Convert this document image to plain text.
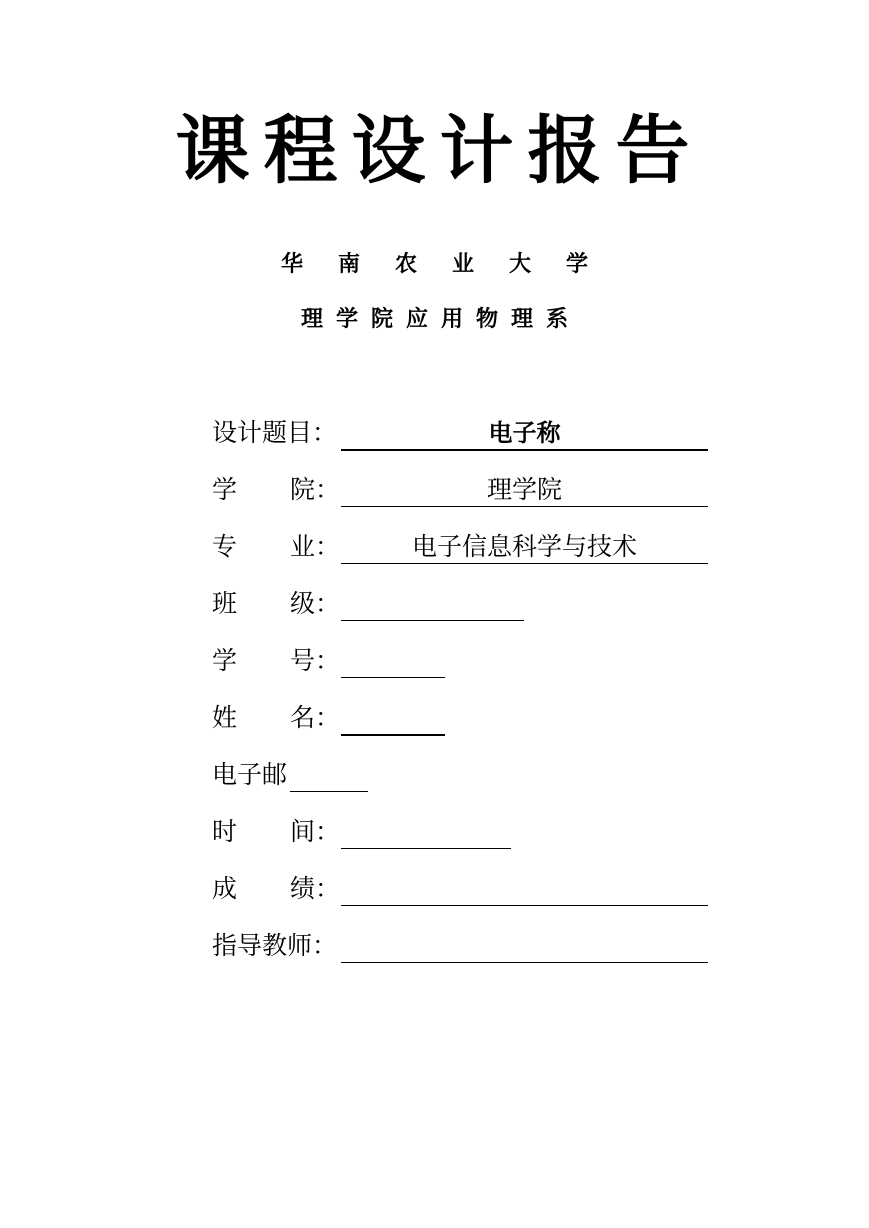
课程设计报告
华南农业大学
理学院应用物理系
设计题目：	电子称
学 院：	理学院
专 业：	电子信息科学与技术
班 级：
学 号：
姓 名：
电子邮
时 间：
成 绩：
指导教师：
